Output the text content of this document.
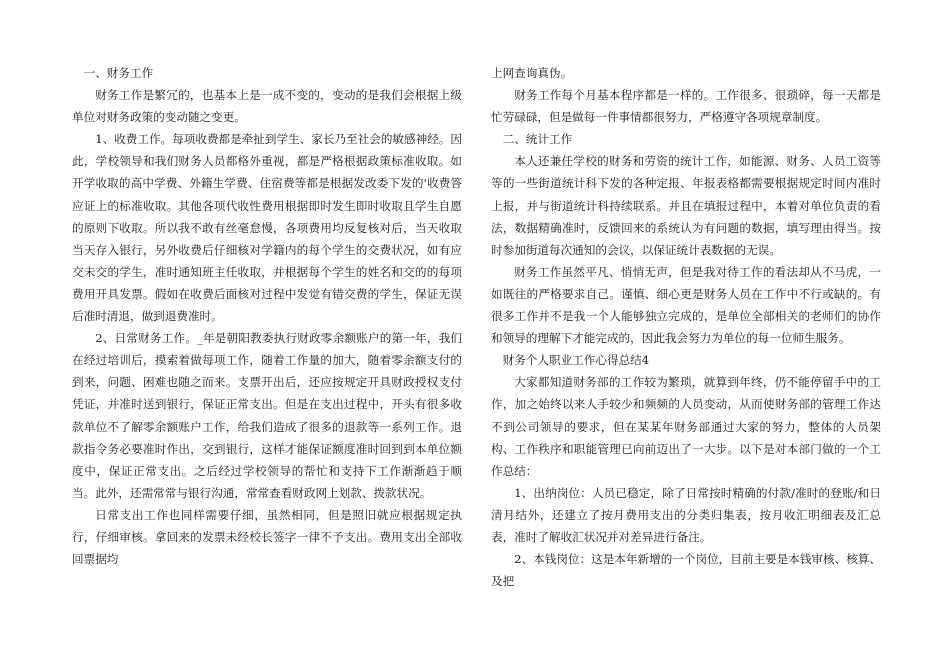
一、财务工作

财务工作是繁冗的，也基本上是一成不变的，变动的是我们会根据上级单位对财务政策的变动随之变更。

1、收费工作。每项收费都是牵扯到学生、家长乃至社会的敏感神经。因此，学校领导和我们财务人员都格外重视，都是严格根据政策标准收取。如开学收取的高中学费、外籍生学费、住宿费等都是根据发改委下发的'收费答应证上的标准收取。其他各项代收性费用根据即时发生即时收取且学生自愿的原则下收取。所以我不敢有丝毫怠慢，各项费用均反复核对后，当天收取当天存入银行，另外收费后仔细核对学籍内的每个学生的交费状况，如有应交未交的学生，准时通知班主任收取，并根据每个学生的姓名和交的的每项费用开具发票。假如在收费后面核对过程中发觉有错交费的学生，保证无误后准时清退，做到退费准时。

2、日常财务工作。_年是朝阳教委执行财政零余额账户的第一年，我们在经过培训后，摸索着做每项工作，随着工作量的加大，随着零余额支付的到来，问题、困难也随之而来。支票开出后，还应按规定开具财政授权支付凭证，并准时送到银行，保证正常支出。但是在支出过程中，开头有很多收款单位不了解零余额账户工作，给我们造成了很多的退款等一系列工作。退款指令务必要准时作出，交到银行，这样才能保证额度准时回到到本单位额度中，保证正常支出。之后经过学校领导的帮忙和支持下工作渐渐趋于顺当。此外，还需常常与银行沟通，常常查看财政网上划款、拨款状况。

日常支出工作也同样需要仔细，虽然相同，但是照旧就应根据规定执行，仔细审核。拿回来的发票未经校长签字一律不予支出。费用支出全部收回票据均

上网查询真伪。

财务工作每个月基本程序都是一样的。工作很多、很琐碎，每一天都是忙劳碌碌，但是做每一件事情都很努力，严格遵守各项规章制度。

二、统计工作

本人还兼任学校的财务和劳资的统计工作，如能源、财务、人员工资等等的一些街道统计科下发的各种定报、年报表格都需要根据规定时间内准时上报，并与街道统计科持续联系。并且在填报过程中，本着对单位负责的看法，数据精确准时，反馈回来的系统认为有问题的数据，填写理由得当。按时参加街道每次通知的会议，以保证统计表数据的无误。

财务工作虽然平凡、悄悄无声，但是我对待工作的看法却从不马虎，一如既往的严格要求自己。谨慎、细心更是财务人员在工作中不行或缺的。有很多工作并不是我一个人能够独立完成的，是单位全部相关的老师们的协作和领导的理解下才能完成的，因此我会努力为单位的每一位师生服务。

财务个人职业工作心得总结4

大家都知道财务部的工作较为繁琐，就算到年终，仍不能停留手中的工作，加之始终以来人手较少和频频的人员变动，从而使财务部的管理工作达不到公司领导的要求，但在某某年财务部通过大家的努力，整体的人员架构、工作秩序和职能管理已向前迈出了一大步。以下是对本部门做的一个工作总结：

1、出纳岗位：人员已稳定，除了日常按时精确的付款/准时的登账/和日清月结外，还建立了按月费用支出的分类归集表，按月收汇明细表及汇总表，准时了解收汇状况并对差异进行备注。

2、本钱岗位：这是本年新增的一个岗位，目前主要是本钱审核、核算、及把
